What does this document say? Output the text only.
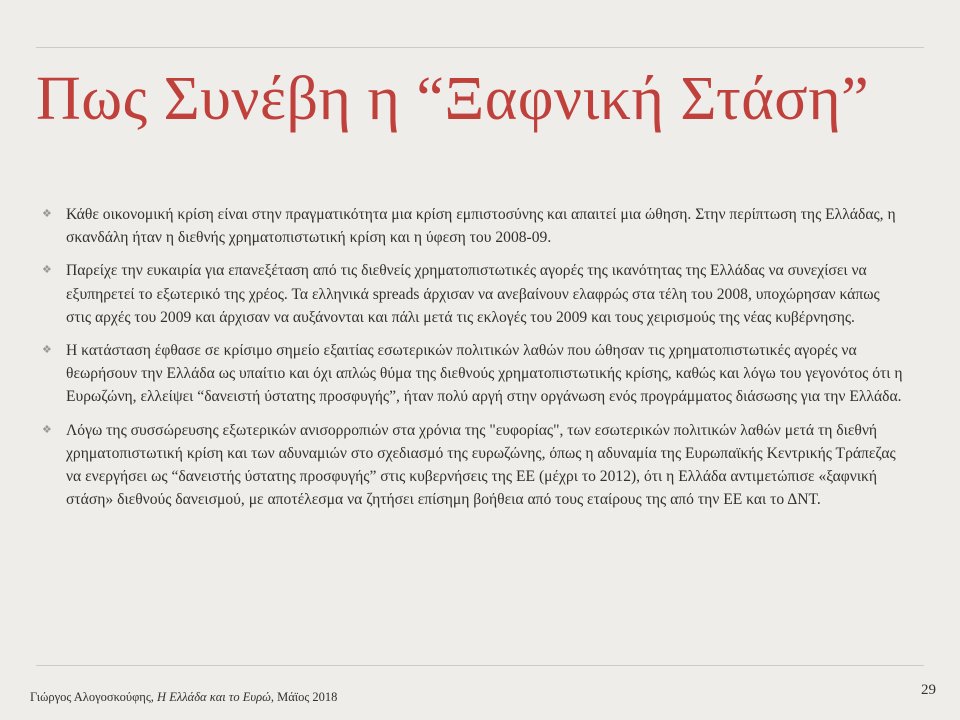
Πως Συνέβη η “Ξαφνική Στάση”
❖ Κάθε οικονομική κρίση είναι στην πραγματικότητα μια κρίση εμπιστοσύνης και απαιτεί μια ώθηση. Στην περίπτωση της Ελλάδας, η σκανδάλη ήταν η διεθνής χρηματοπιστωτική κρίση και η ύφεση του 2008-09.
❖ Παρείχε την ευκαιρία για επανεξέταση από τις διεθνείς χρηματοπιστωτικές αγορές της ικανότητας της Ελλάδας να συνεχίσει να εξυπηρετεί το εξωτερικό της χρέος. Τα ελληνικά spreads άρχισαν να ανεβαίνουν ελαφρώς στα τέλη του 2008, υποχώρησαν κάπως στις αρχές του 2009 και άρχισαν να αυξάνονται και πάλι μετά τις εκλογές του 2009 και τους χειρισμούς της νέας κυβέρνησης.
❖ Η κατάσταση έφθασε σε κρίσιμο σημείο εξαιτίας εσωτερικών πολιτικών λαθών που ώθησαν τις χρηματοπιστωτικές αγορές να θεωρήσουν την Ελλάδα ως υπαίτιο και όχι απλώς θύμα της διεθνούς χρηματοπιστωτικής κρίσης, καθώς και λόγω του γεγονότος ότι η Ευρωζώνη, ελλείψει “δανειστή ύστατης προσφυγής”, ήταν πολύ αργή στην οργάνωση ενός προγράμματος διάσωσης για την Ελλάδα.
❖ Λόγω της συσσώρευσης εξωτερικών ανισορροπιών στα χρόνια της "ευφορίας", των εσωτερικών πολιτικών λαθών μετά τη διεθνή χρηματοπιστωτική κρίση και των αδυναμιών στο σχεδιασμό της ευρωζώνης, όπως η αδυναμία της Ευρωπαϊκής Κεντρικής Τράπεζας να ενεργήσει ως “δανειστής ύστατης προσφυγής” στις κυβερνήσεις της ΕΕ (μέχρι το 2012), ότι η Ελλάδα αντιμετώπισε «ξαφνική στάση» διεθνούς δανεισμού, με αποτέλεσμα να ζητήσει επίσημη βοήθεια από τους εταίρους της από την ΕΕ και το ΔΝΤ.
Γιώργος Αλογοσκούφης, Η Ελλάδα και το Ευρώ, Μάϊος 2018	29
